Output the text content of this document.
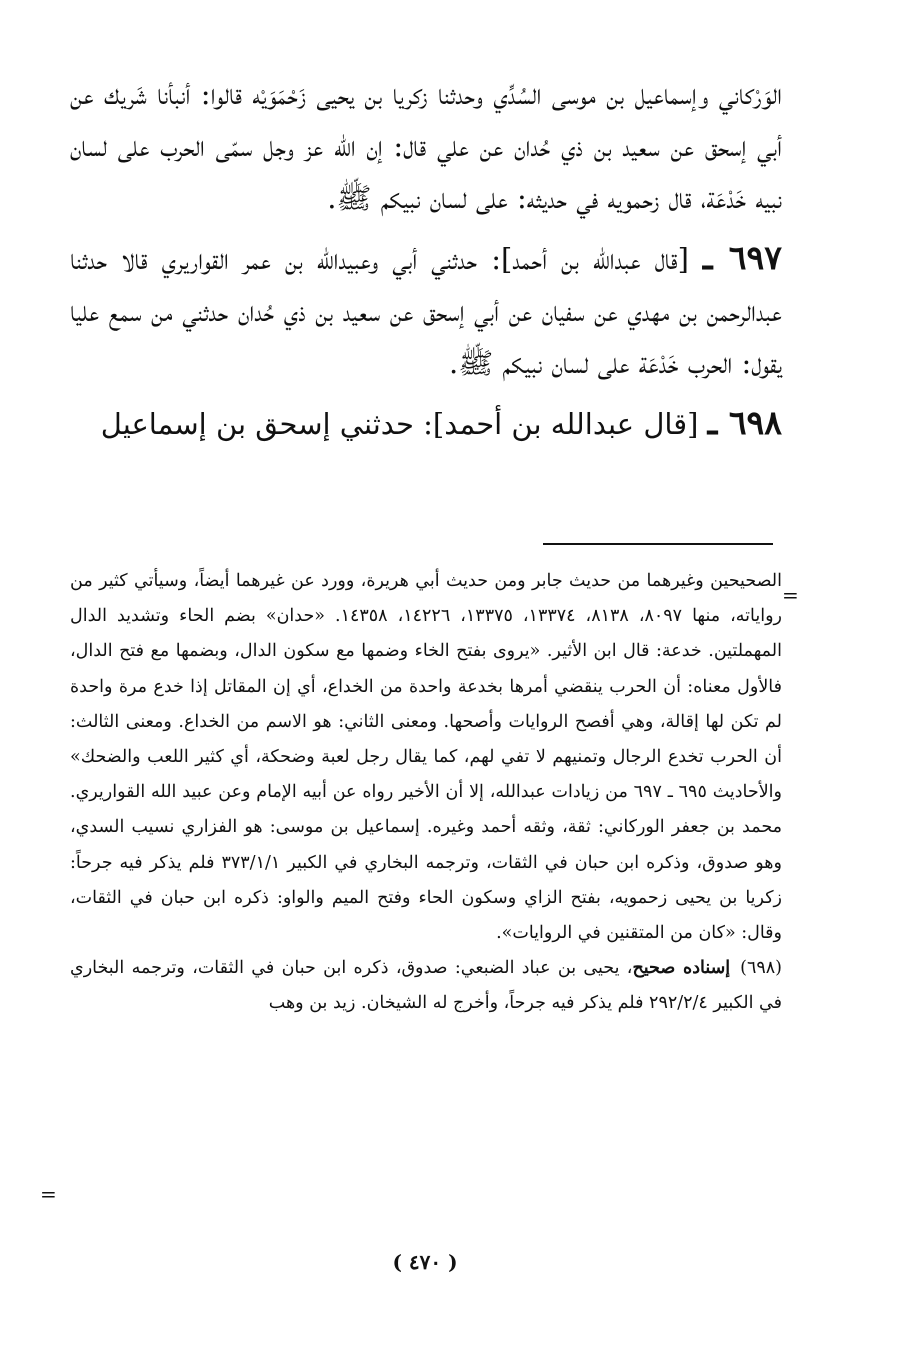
الوَرْكاني وإسماعيل بن موسى السُدِّي وحدثنا زكريا بن يحيى زَحْمَوَيْه قالوا: أنبأنا شَريك عن أبي إسحق عن سعيد بن ذي حُدان عن علي قال: إن الله عز وجل سمّى الحرب على لسان نبيه خَدْعَة، قال زحمويه في حديثه: على لسان نبيكم ﷺ.

٦٩٧ ـ [قال عبدالله بن أحمد]: حدثني أبي وعبيدالله بن عمر القواريري قالا حدثنا عبدالرحمن بن مهدي عن سفيان عن أبي إسحق عن سعيد بن ذي حُدان حدثني من سمع عليا يقول: الحرب خَدْعَة على لسان نبيكم ﷺ.

٦٩٨ ـ [قال عبدالله بن أحمد]: حدثني إسحق بن إسماعيل

=

الصحيحين وغيرهما من حديث جابر ومن حديث أبي هريرة، وورد عن غيرهما أيضاً، وسيأتي كثير من رواياته، منها ٨٠٩٧، ٨١٣٨، ١٣٣٧٤، ١٣٣٧٥، ١٤٢٢٦، ١٤٣٥٨. «حدان» بضم الحاء وتشديد الدال المهملتين. خدعة: قال ابن الأثير. «يروى بفتح الخاء وضمها مع سكون الدال، وبضمها مع فتح الدال، فالأول معناه: أن الحرب ينقضي أمرها بخدعة واحدة من الخداع، أي إن المقاتل إذا خدع مرة واحدة لم تكن لها إقالة، وهي أفصح الروايات وأصحها. ومعنى الثاني: هو الاسم من الخداع. ومعنى الثالث: أن الحرب تخدع الرجال وتمنيهم لا تفي لهم، كما يقال رجل لعبة وضحكة، أي كثير اللعب والضحك» والأحاديث ٦٩٥ ـ ٦٩٧ من زيادات عبدالله، إلا أن الأخير رواه عن أبيه الإمام وعن عبيد الله القواريري. محمد بن جعفر الوركاني: ثقة، وثقه أحمد وغيره. إسماعيل بن موسى: هو الفزاري نسيب السدي، وهو صدوق، وذكره ابن حبان في الثقات، وترجمه البخاري في الكبير ٣٧٣/١/١ فلم يذكر فيه جرحاً: زكريا بن يحيى زحمويه، بفتح الزاي وسكون الحاء وفتح الميم والواو: ذكره ابن حبان في الثقات، وقال: «كان من المتقنين في الروايات».

(٦٩٨)إسناده صحيح، يحيى بن عباد الضبعي: صدوق، ذكره ابن حبان في الثقات، وترجمه البخاري في الكبير ٢٩٢/٢/٤ فلم يذكر فيه جرحاً، وأخرج له الشيخان. زيد بن وهب

=
( ٤٧٠ )
